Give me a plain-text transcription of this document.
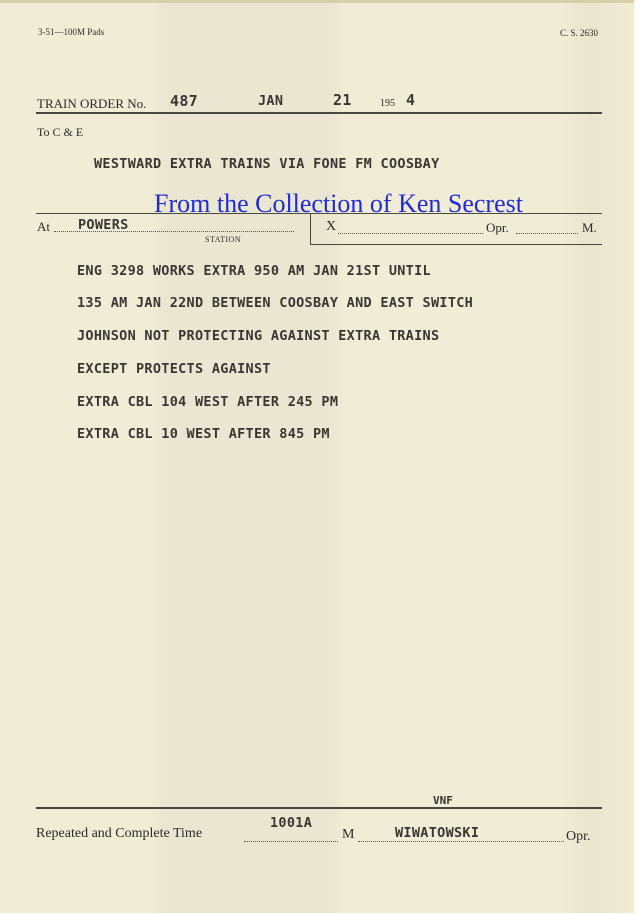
3-51—100M Pads	C. S. 2630
TRAIN ORDER No. 487	JAN	21	195 4
To C & E
WESTWARD EXTRA TRAINS VIA FONE FM COOSBAY
At POWERS
STATION
X	Opr.	M.
ENG 3298 WORKS EXTRA 950 AM JAN 21ST UNTIL
135 AM JAN 22ND BETWEEN COOSBAY AND EAST SWITCH
JOHNSON NOT PROTECTING AGAINST EXTRA TRAINS
EXCEPT PROTECTS AGAINST
EXTRA CBL 104 WEST AFTER 245 PM
EXTRA CBL 10 WEST AFTER 845 PM
VNF
Repeated and Complete Time
1001A
M	WIWATOWSKI	Opr.
From the Collection of Ken Secrest
